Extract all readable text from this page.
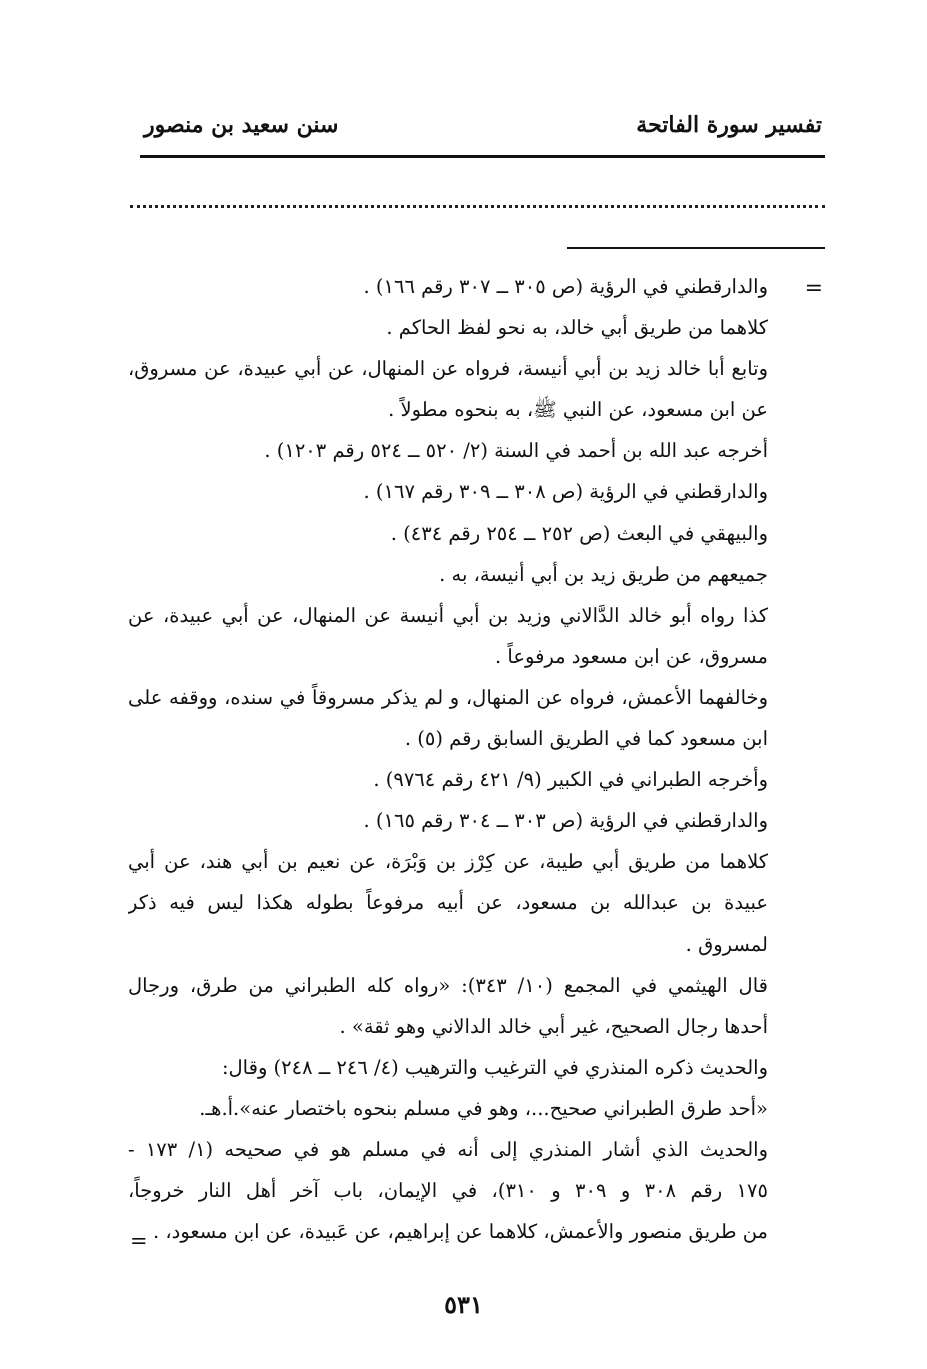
تفسير سورة الفاتحة
سنن سعيد بن منصور
=
والدارقطني في الرؤية (ص ٣٠٥ ــ ٣٠٧ رقم ١٦٦) .
كلاهما من طريق أبي خالد، به نحو لفظ الحاكم .
وتابع أبا خالد زيد بن أبي أنيسة، فرواه عن المنهال، عن أبي عبيدة، عن مسروق،
عن ابن مسعود، عن النبي ﷺ، به بنحوه مطولاً .
أخرجه عبد الله بن أحمد في السنة (٢/ ٥٢٠ ــ ٥٢٤ رقم ١٢٠٣) .
والدارقطني في الرؤية (ص ٣٠٨ ــ ٣٠٩ رقم ١٦٧) .
والبيهقي في البعث (ص ٢٥٢ ــ ٢٥٤ رقم ٤٣٤) .
جميعهم من طريق زيد بن أبي أنيسة، به .
كذا رواه أبو خالد الدَّالاني وزيد بن أبي أنيسة عن المنهال، عن أبي عبيدة، عن
مسروق، عن ابن مسعود مرفوعاً .
وخالفهما الأعمش، فرواه عن المنهال، و لم يذكر مسروقاً في سنده، ووقفه على
ابن مسعود كما في الطريق السابق رقم (٥) .
وأخرجه الطبراني في الكبير (٩/ ٤٢١ رقم ٩٧٦٤) .
والدارقطني في الرؤية (ص ٣٠٣ ــ ٣٠٤ رقم ١٦٥) .
كلاهما من طريق أبي طيبة، عن كِرْز بن وَبْرَة، عن نعيم بن أبي هند، عن أبي
عبيدة بن عبدالله بن مسعود، عن أبيه مرفوعاً بطوله هكذا ليس فيه ذكر
لمسروق .
قال الهيثمي في المجمع (١٠/ ٣٤٣): «رواه كله الطبراني من طرق، ورجال
أحدها رجال الصحيح، غير أبي خالد الدالاني وهو ثقة» .
والحديث ذكره المنذري في الترغيب والترهيب (٤/ ٢٤٦ ــ ٢٤٨) وقال:
«أحد طرق الطبراني صحيح...، وهو في مسلم بنحوه باختصار عنه».أ.هـ.
والحديث الذي أشار المنذري إلى أنه في مسلم هو في صحيحه (١/ ١٧٣ -
١٧٥ رقم ٣٠٨ و ٣٠٩ و ٣١٠)، في الإيمان، باب آخر أهل النار خروجاً،
من طريق منصور والأعمش، كلاهما عن إبراهيم، عن عَبيدة، عن ابن مسعود، .
=
٥٣١
